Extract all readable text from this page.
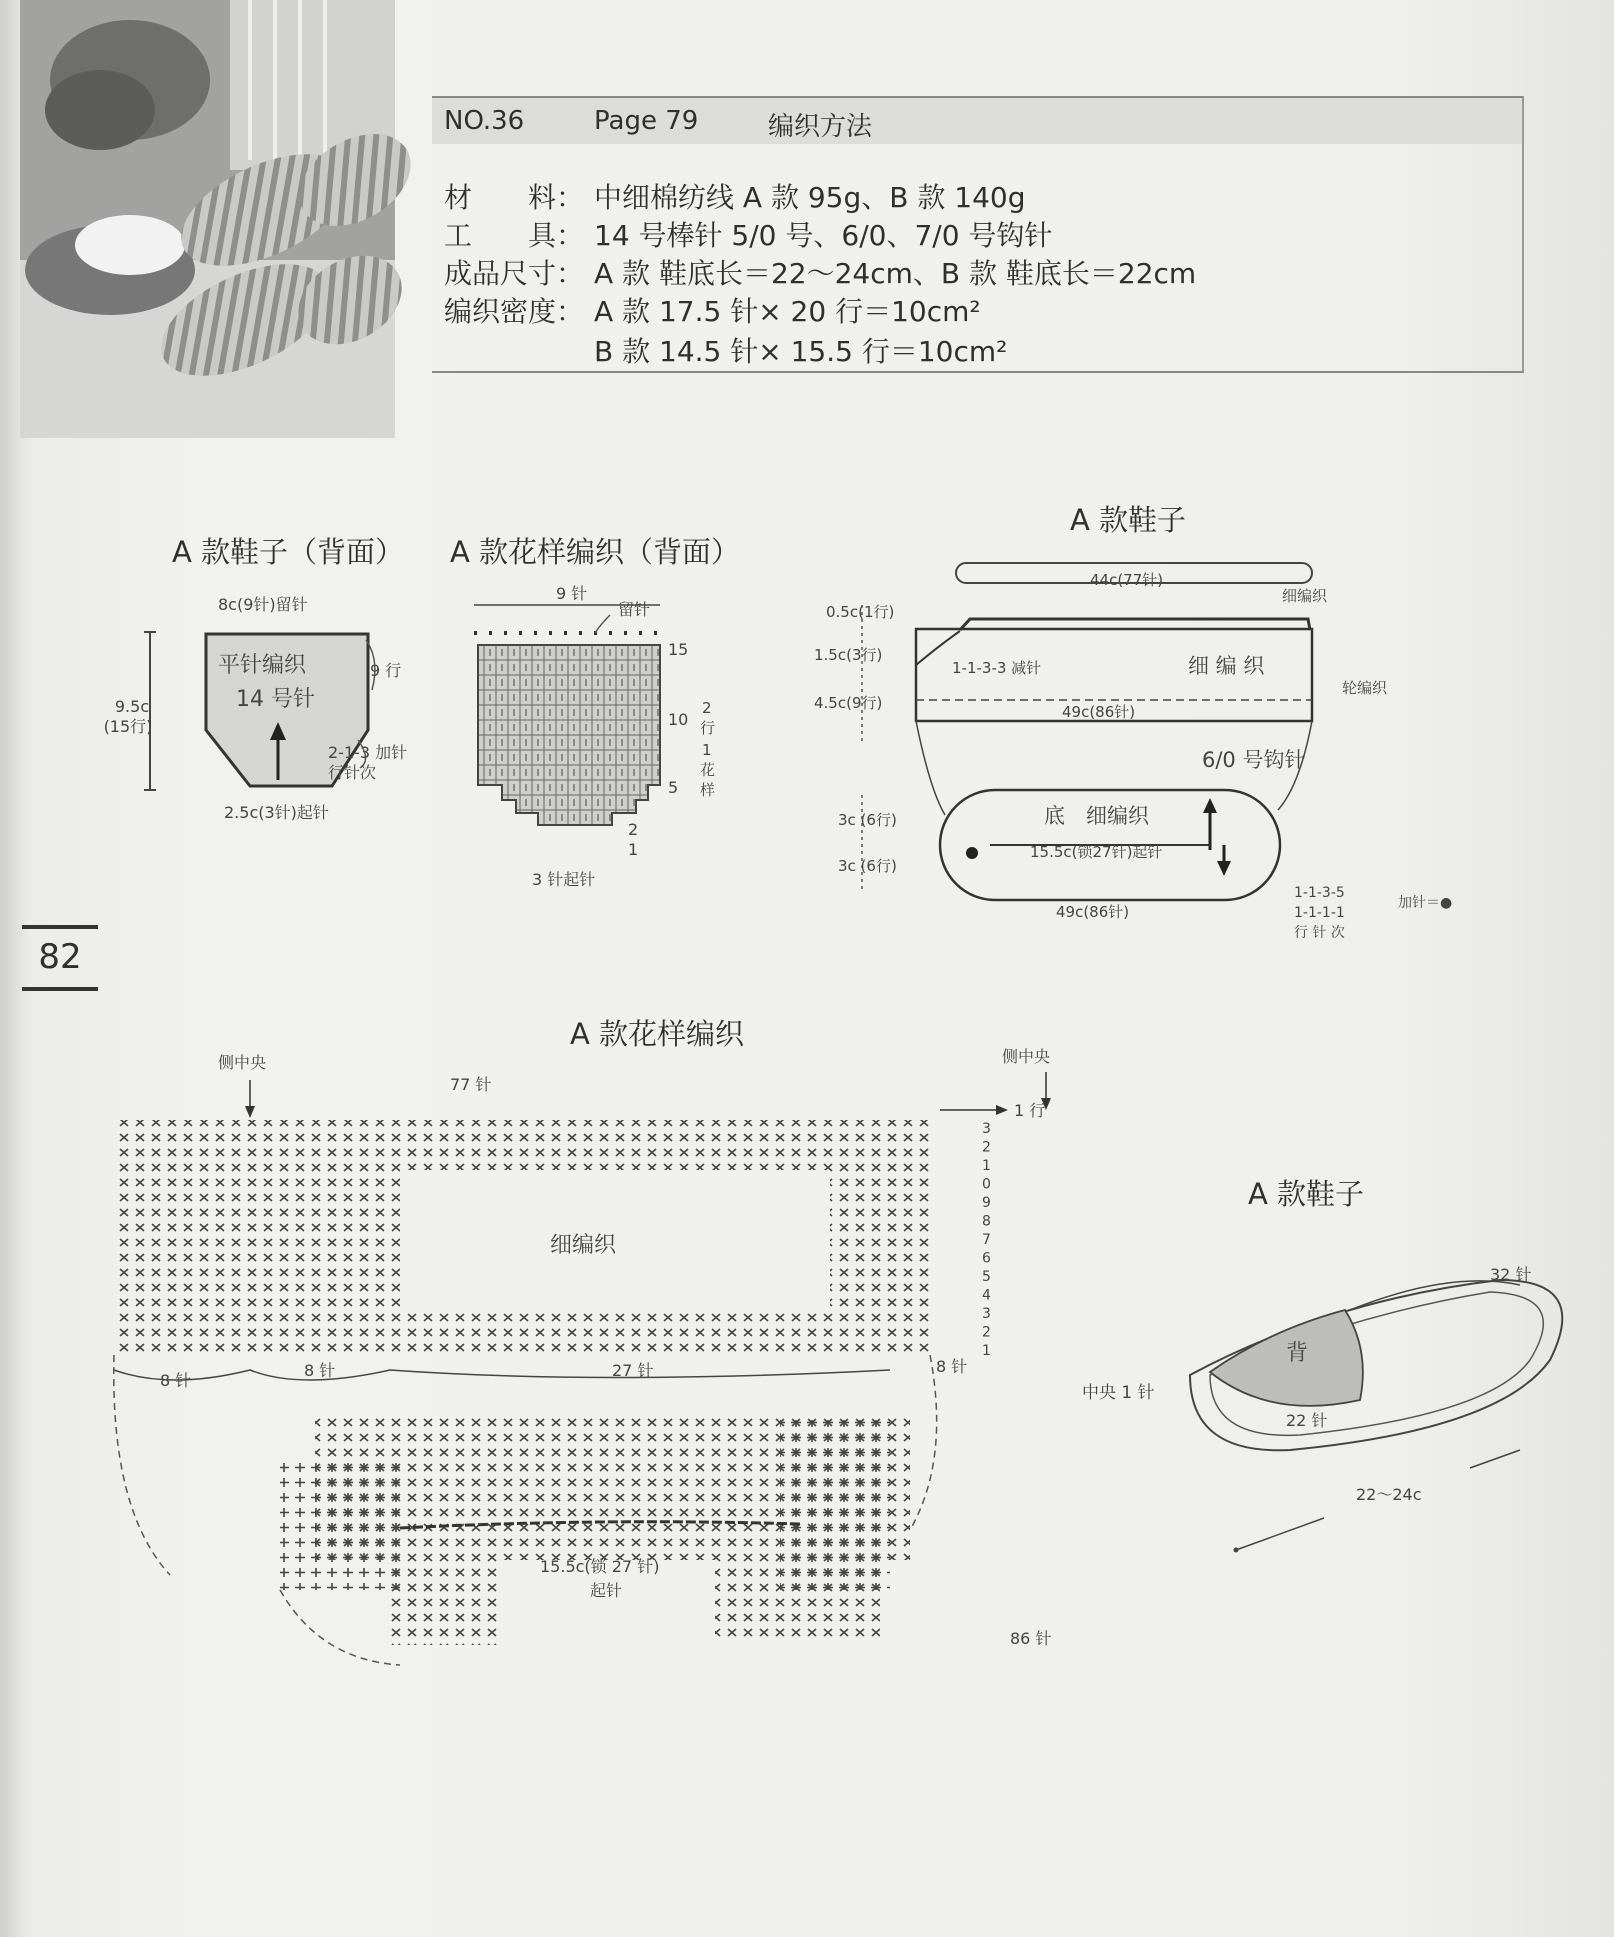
NO.36	Page 79	编织方法
材　　料： 中细棉纺线 A 款 95g、B 款 140g
工　　具： 14 号棒针 5/0 号、6/0、7/0 号钩针
成品尺寸： A 款 鞋底长＝22～24cm、B 款 鞋底长＝22cm
编织密度： A 款 17.5 针× 20 行＝10cm²
B 款 14.5 针× 15.5 行＝10cm²
82
A 款鞋子（背面） A 款花样编织（背面）
A 款鞋子
A 款花样编织
A 款鞋子
8c(9针)留针
平针编织
14 号针
9 行
9.5c
(15行)
2-1-3 加针
行针次
2.5c(3针)起针
9 针
留针
15
10
5
2
1
2
行
1
花
样
3 针起针
44c(77针)
细编织
0.5c(1行)
1.5c(3行)
4.5c(9行)
1-1-3-3 减针	细 编 织
轮编织
49c(86针)
6/0 号钩针
底　细编织
15.5c(锁27针)起针
3c (6行)
3c (6行)
49c(86针)
1-1-3-5
1-1-1-1
行 针 次
加针＝●
侧中央	侧中央
77 针
1 行
细编织
8 针
8 针	27 针	8 针
15.5c(锁 27 针)
起针
86 针
3
2
1
0
9
8
7
6
5
4
3
2
1	背
32 针
中央 1 针
22 针
22～24c
